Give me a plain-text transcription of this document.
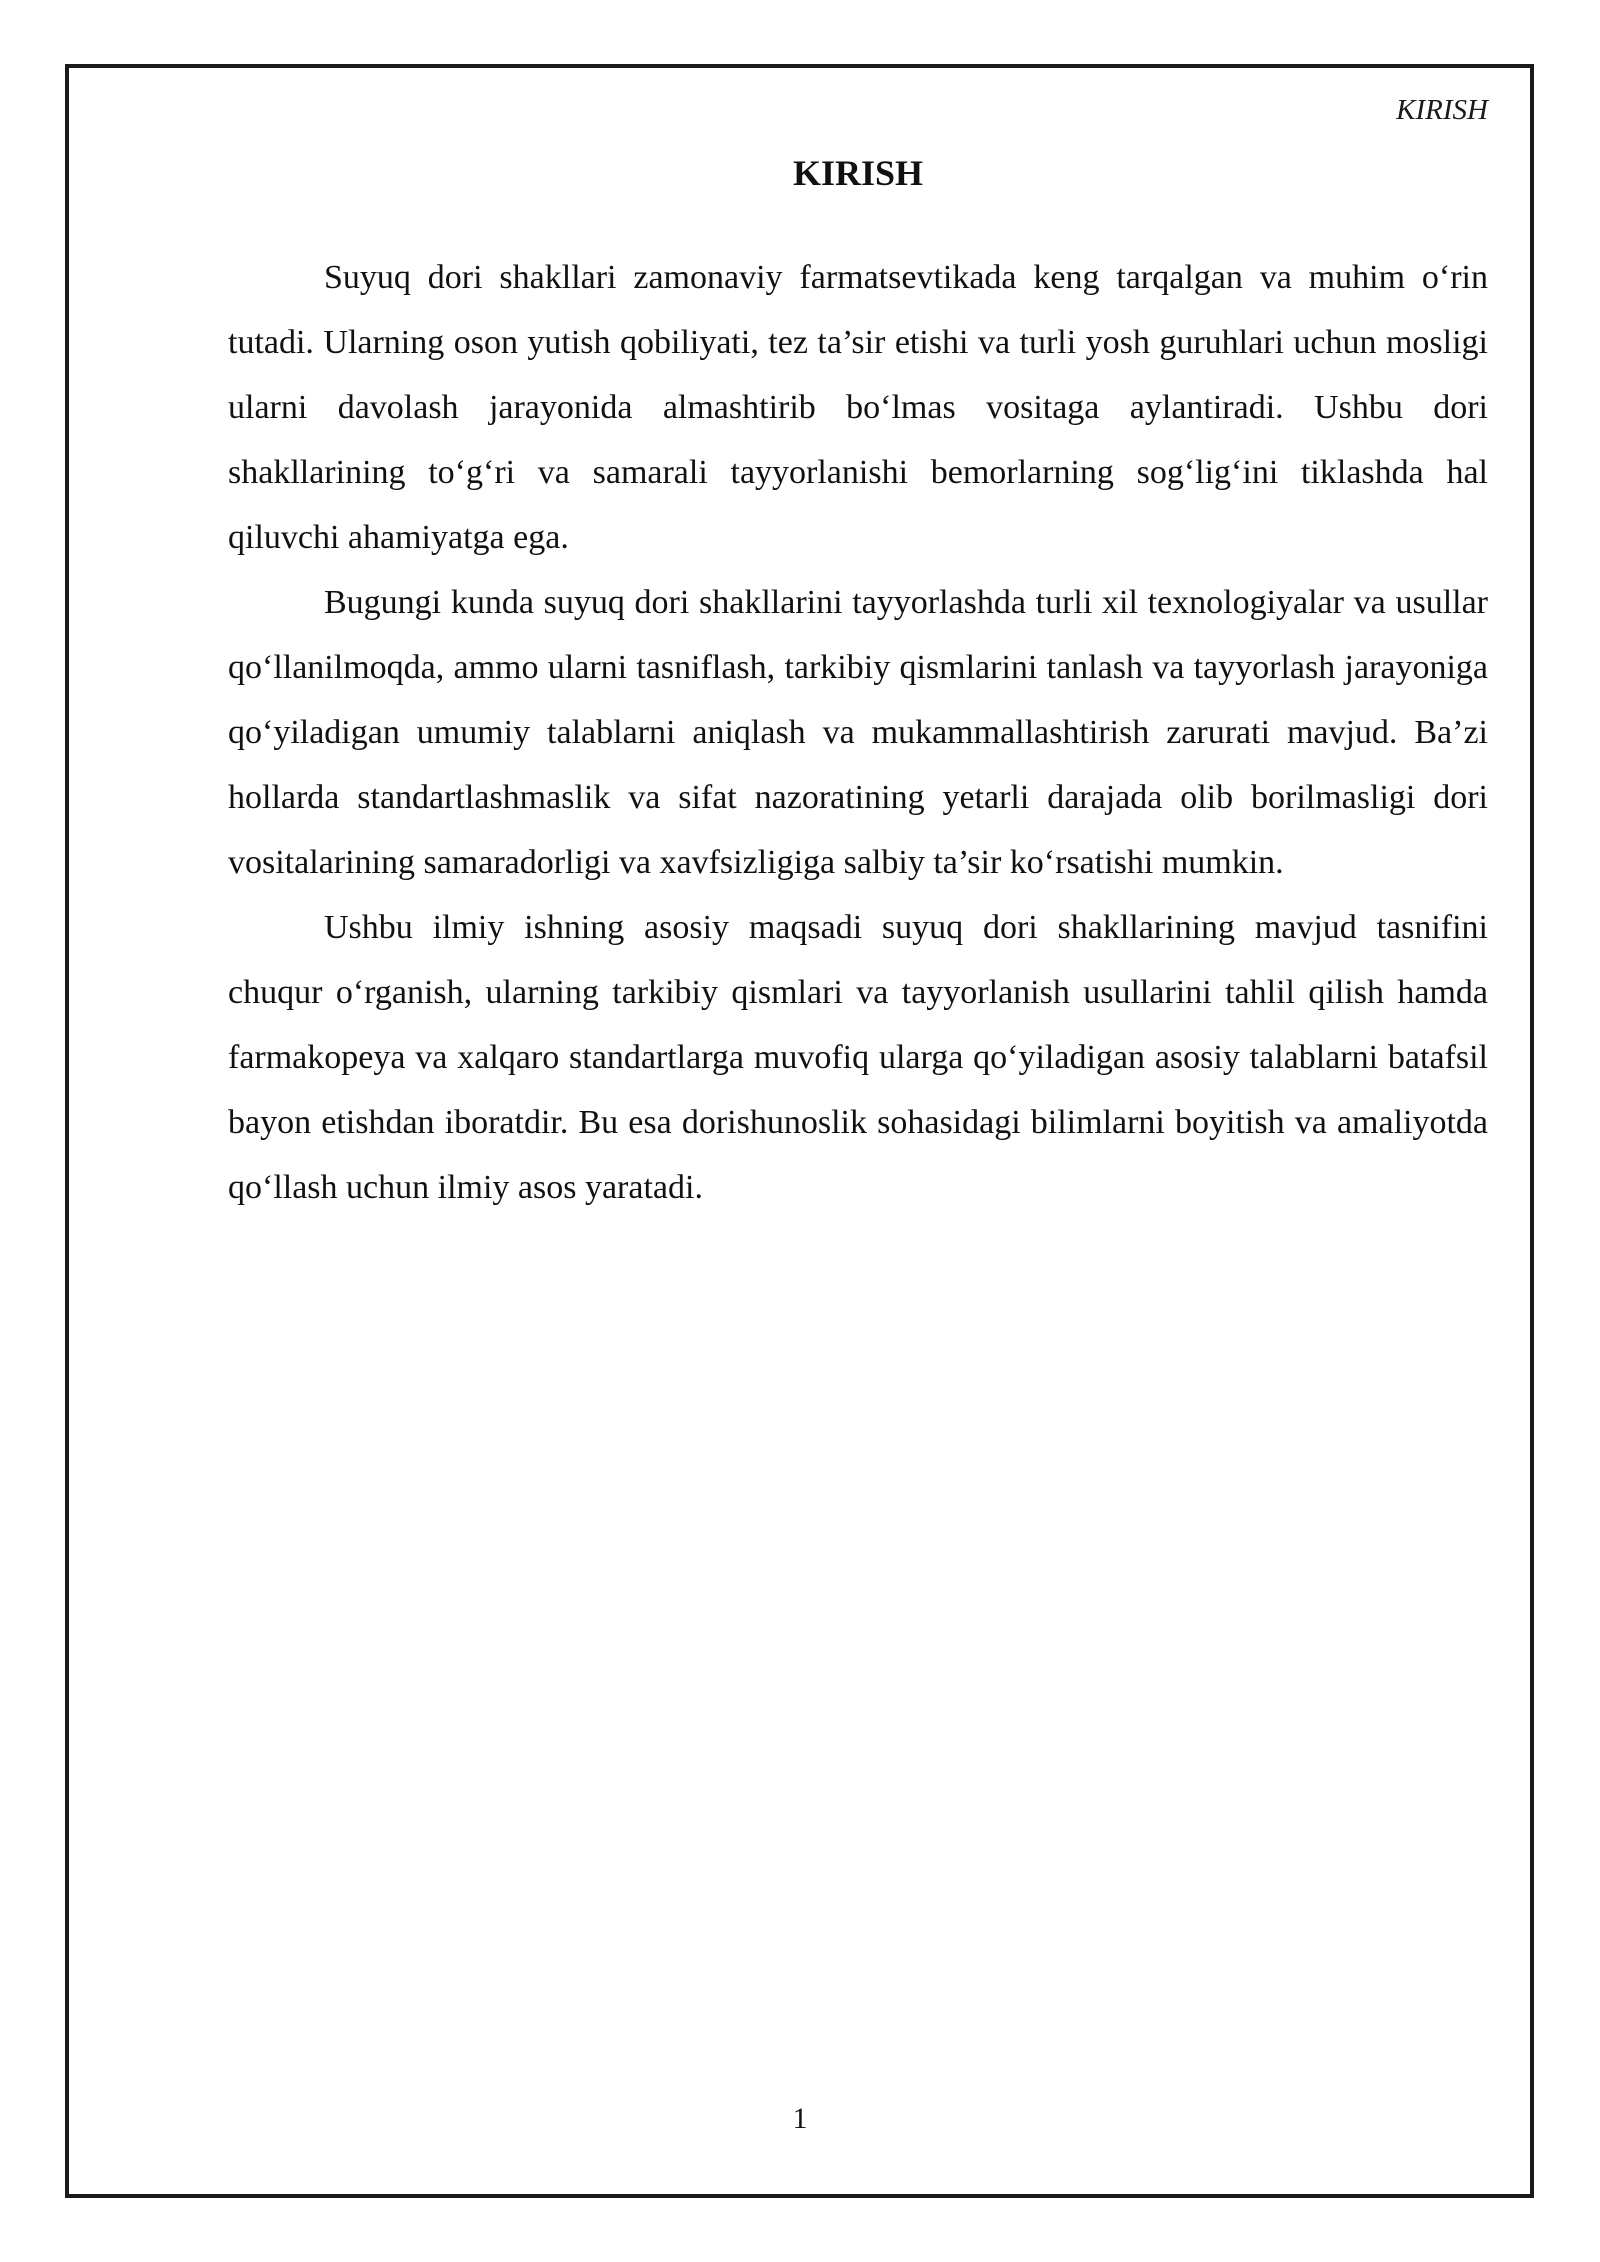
KIRISH

KIRISH

Suyuq dori shakllari zamonaviy farmatsevtikada keng tarqalgan va muhim o‘rin tutadi. Ularning oson yutish qobiliyati, tez ta’sir etishi va turli yosh guruhlari uchun mosligi ularni davolash jarayonida almashtirib bo‘lmas vositaga aylantiradi. Ushbu dori shakllarining to‘g‘ri va samarali tayyorlanishi bemorlarning sog‘lig‘ini tiklashda hal qiluvchi ahamiyatga ega.

Bugungi kunda suyuq dori shakllarini tayyorlashda turli xil texnologiyalar va usullar qo‘llanilmoqda, ammo ularni tasniflash, tarkibiy qismlarini tanlash va tayyorlash jarayoniga qo‘yiladigan umumiy talablarni aniqlash va mukammallashtirish zarurati mavjud. Ba’zi hollarda standartlashmaslik va sifat nazoratining yetarli darajada olib borilmasligi dori vositalarining samaradorligi va xavfsizligiga salbiy ta’sir ko‘rsatishi mumkin.

Ushbu ilmiy ishning asosiy maqsadi suyuq dori shakllarining mavjud tasnifini chuqur o‘rganish, ularning tarkibiy qismlari va tayyorlanish usullarini tahlil qilish hamda farmakopeya va xalqaro standartlarga muvofiq ularga qo‘yiladigan asosiy talablarni batafsil bayon etishdan iboratdir. Bu esa dorishunoslik sohasidagi bilimlarni boyitish va amaliyotda qo‘llash uchun ilmiy asos yaratadi.

1
